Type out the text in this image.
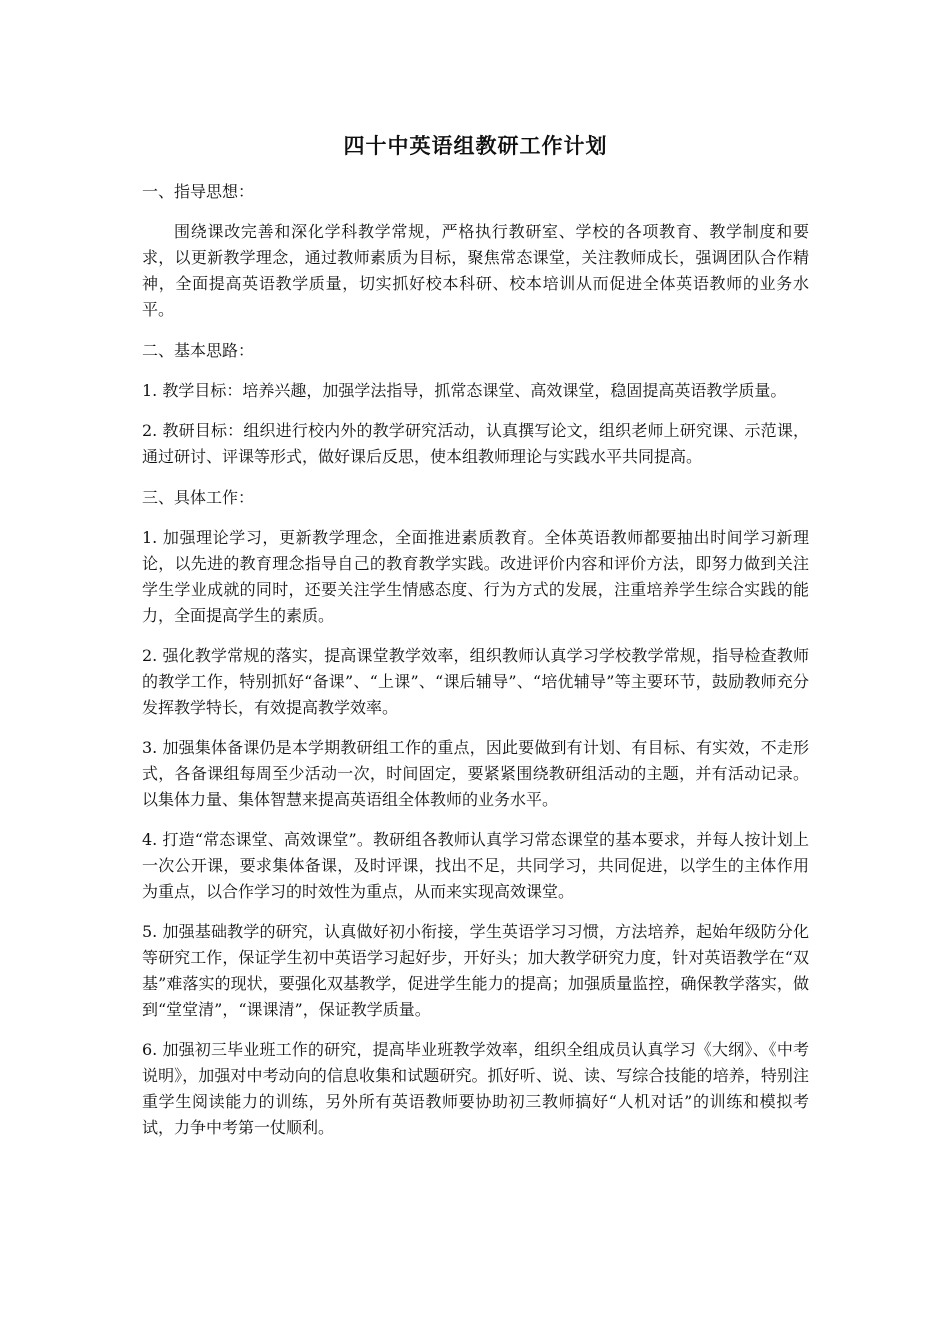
四十中英语组教研工作计划
一、指导思想：
围绕课改完善和深化学科教学常规，严格执行教研室、学校的各项教育、教学制度和要求，以更新教学理念，通过教师素质为目标，聚焦常态课堂，关注教师成长，强调团队合作精神，全面提高英语教学质量，切实抓好校本科研、校本培训从而促进全体英语教师的业务水平。
二、基本思路：
1. 教学目标：培养兴趣，加强学法指导，抓常态课堂、高效课堂，稳固提高英语教学质量。
2. 教研目标：组织进行校内外的教学研究活动，认真撰写论文，组织老师上研究课、示范课，通过研讨、评课等形式，做好课后反思，使本组教师理论与实践水平共同提高。
三、具体工作：
1. 加强理论学习，更新教学理念，全面推进素质教育。全体英语教师都要抽出时间学习新理论，以先进的教育理念指导自己的教育教学实践。改进评价内容和评价方法，即努力做到关注学生学业成就的同时，还要关注学生情感态度、行为方式的发展，注重培养学生综合实践的能力，全面提高学生的素质。
2. 强化教学常规的落实，提高课堂教学效率，组织教师认真学习学校教学常规，指导检查教师的教学工作，特别抓好“备课”、“上课”、“课后辅导”、“培优辅导”等主要环节，鼓励教师充分发挥教学特长，有效提高教学效率。
3. 加强集体备课仍是本学期教研组工作的重点，因此要做到有计划、有目标、有实效，不走形式，各备课组每周至少活动一次，时间固定，要紧紧围绕教研组活动的主题，并有活动记录。以集体力量、集体智慧来提高英语组全体教师的业务水平。
4. 打造“常态课堂、高效课堂”。教研组各教师认真学习常态课堂的基本要求，并每人按计划上一次公开课，要求集体备课，及时评课，找出不足，共同学习，共同促进，以学生的主体作用为重点，以合作学习的时效性为重点，从而来实现高效课堂。
5. 加强基础教学的研究，认真做好初小衔接，学生英语学习习惯，方法培养，起始年级防分化等研究工作，保证学生初中英语学习起好步，开好头；加大教学研究力度，针对英语教学在“双基”难落实的现状，要强化双基教学，促进学生能力的提高；加强质量监控，确保教学落实，做到“堂堂清”，“课课清”，保证教学质量。
6. 加强初三毕业班工作的研究，提高毕业班教学效率，组织全组成员认真学习《大纲》、《中考说明》，加强对中考动向的信息收集和试题研究。抓好听、说、读、写综合技能的培养，特别注重学生阅读能力的训练，另外所有英语教师要协助初三教师搞好“人机对话”的训练和模拟考试，力争中考第一仗顺利。
